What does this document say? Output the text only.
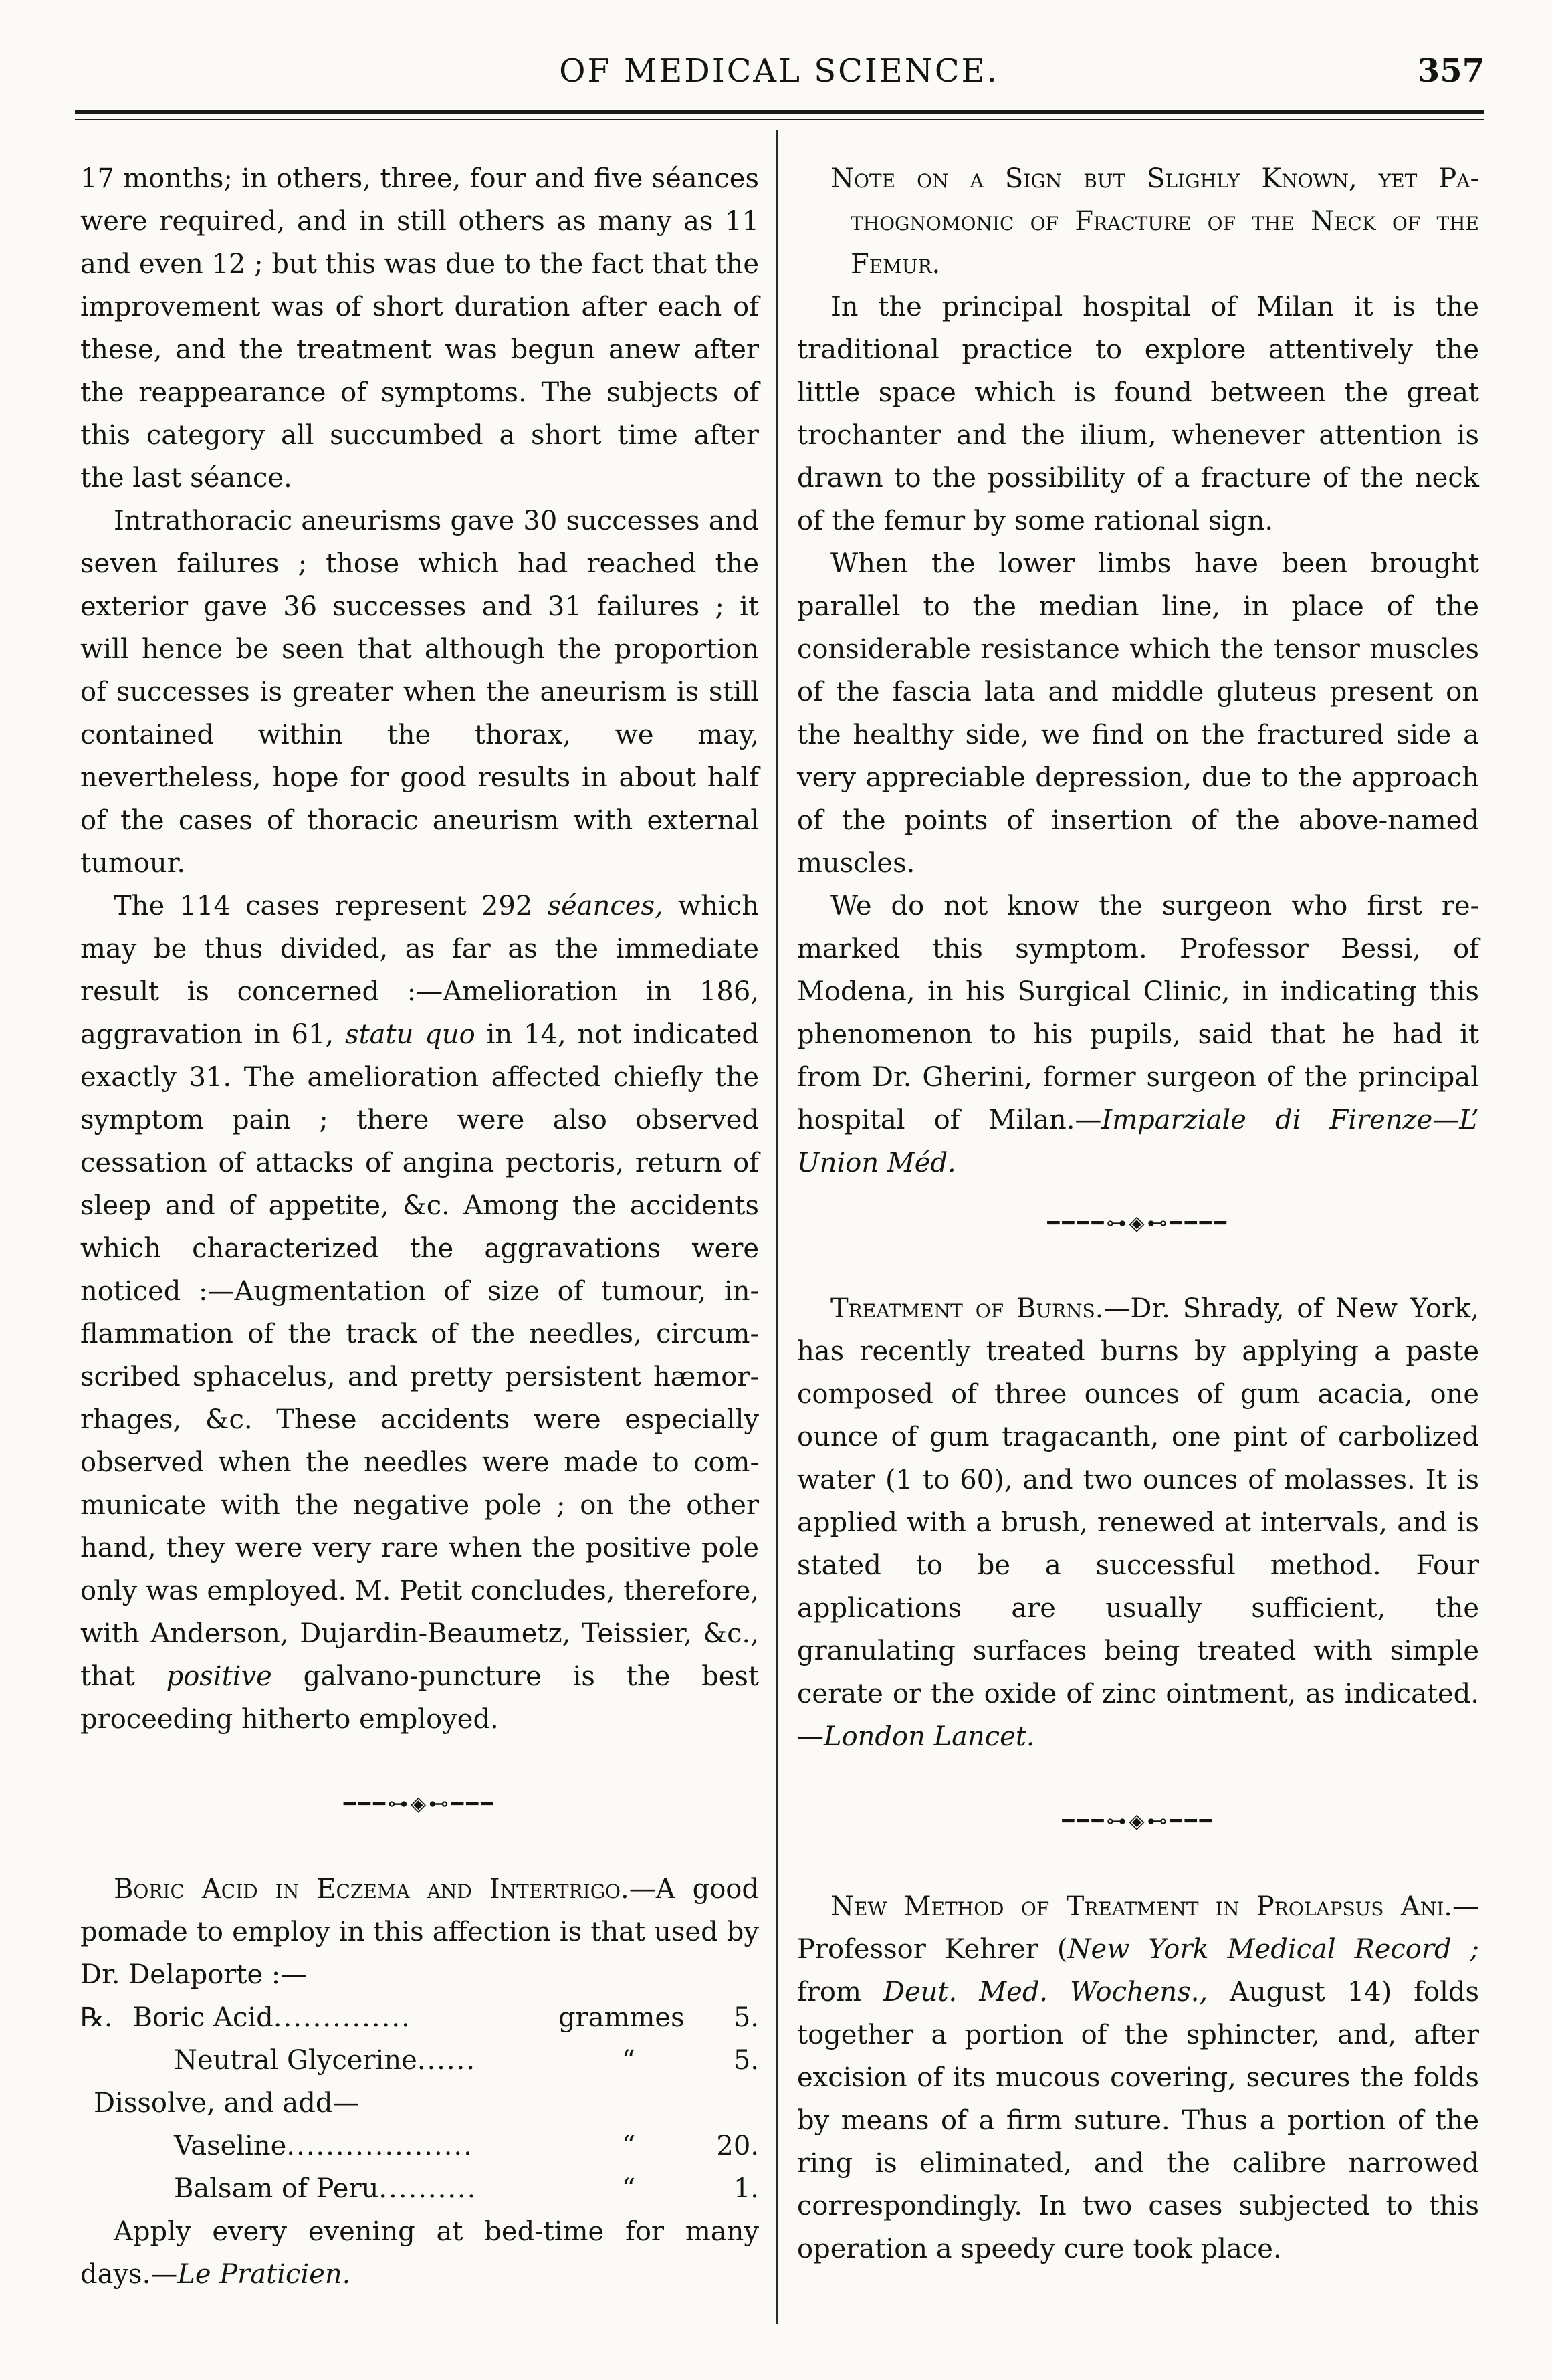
OF MEDICAL SCIENCE.	357

17 months; in others, three, four and five séances were required, and in still others as many as 11 and even 12 ; but this was due to the fact that the improvement was of short duration after each of these, and the treatment was begun anew after the reappearance of symptoms. The subjects of this category all succumbed a short time after the last séance.

Intrathoracic aneurisms gave 30 successes and seven failures ; those which had reached the exterior gave 36 successes and 31 failures ; it will hence be seen that although the proportion of successes is greater when the aneurism is still contained within the thorax, we may, nevertheless, hope for good results in about half of the cases of thoracic aneurism with external tumour.

The 114 cases represent 292 séances, which may be thus divided, as far as the immediate result is concerned :—Amelioration in 186, aggravation in 61, statu quo in 14, not indicated exactly 31. The amelioration affected chiefly the symptom pain ; there were also observed cessation of attacks of angina pectoris, return of sleep and of appetite, &c. Among the accidents which characterized the aggravations were noticed :—Augmentation of size of tumour, inflammation of the track of the needles, circumscribed sphacelus, and pretty persistent hæmorrhages, &c. These accidents were especially observed when the needles were made to communicate with the negative pole ; on the other hand, they were very rare when the positive pole only was employed. M. Petit concludes, therefore, with Anderson, Dujardin-Beaumetz, Teissier, &c., that positive galvano-puncture is the best proceeding hitherto employed.

━━━⊶◈⊷━━━

Boric Acid in Eczema and Intertrigo.—A good pomade to employ in this affection is that used by Dr. Delaporte :—

℞. Boric Acid ..............	grammes	5.
Neutral Glycerine ......	“	5.

Dissolve, and add—

Vaseline ...................	“	20.
Balsam of Peru ..........	“	1.

Apply every evening at bed-time for many days.—Le Praticien.

Note on a Sign but Slighly Known, yet Pathognomonic of Fracture of the Neck of the Femur.

In the principal hospital of Milan it is the traditional practice to explore attentively the little space which is found between the great trochanter and the ilium, whenever attention is drawn to the possibility of a fracture of the neck of the femur by some rational sign.

When the lower limbs have been brought parallel to the median line, in place of the considerable resistance which the tensor muscles of the fascia lata and middle gluteus present on the healthy side, we find on the fractured side a very appreciable depression, due to the approach of the points of insertion of the above-named muscles.

We do not know the surgeon who first remarked this symptom. Professor Bessi, of Modena, in his Surgical Clinic, in indicating this phenomenon to his pupils, said that he had it from Dr. Gherini, former surgeon of the principal hospital of Milan.—Imparziale di Firenze—L’ Union Méd.

━━━━⊶◈⊷━━━━

Treatment of Burns.—Dr. Shrady, of New York, has recently treated burns by applying a paste composed of three ounces of gum acacia, one ounce of gum tragacanth, one pint of carbolized water (1 to 60), and two ounces of molasses. It is applied with a brush, renewed at intervals, and is stated to be a successful method. Four applications are usually sufficient, the granulating surfaces being treated with simple cerate or the oxide of zinc ointment, as indicated.—London Lancet.

━━━⊶◈⊷━━━

New Method of Treatment in Prolapsus Ani.—Professor Kehrer (New York Medical Record ; from Deut. Med. Wochens., August 14) folds together a portion of the sphincter, and, after excision of its mucous covering, secures the folds by means of a firm suture. Thus a portion of the ring is eliminated, and the calibre narrowed correspondingly. In two cases subjected to this operation a speedy cure took place.
